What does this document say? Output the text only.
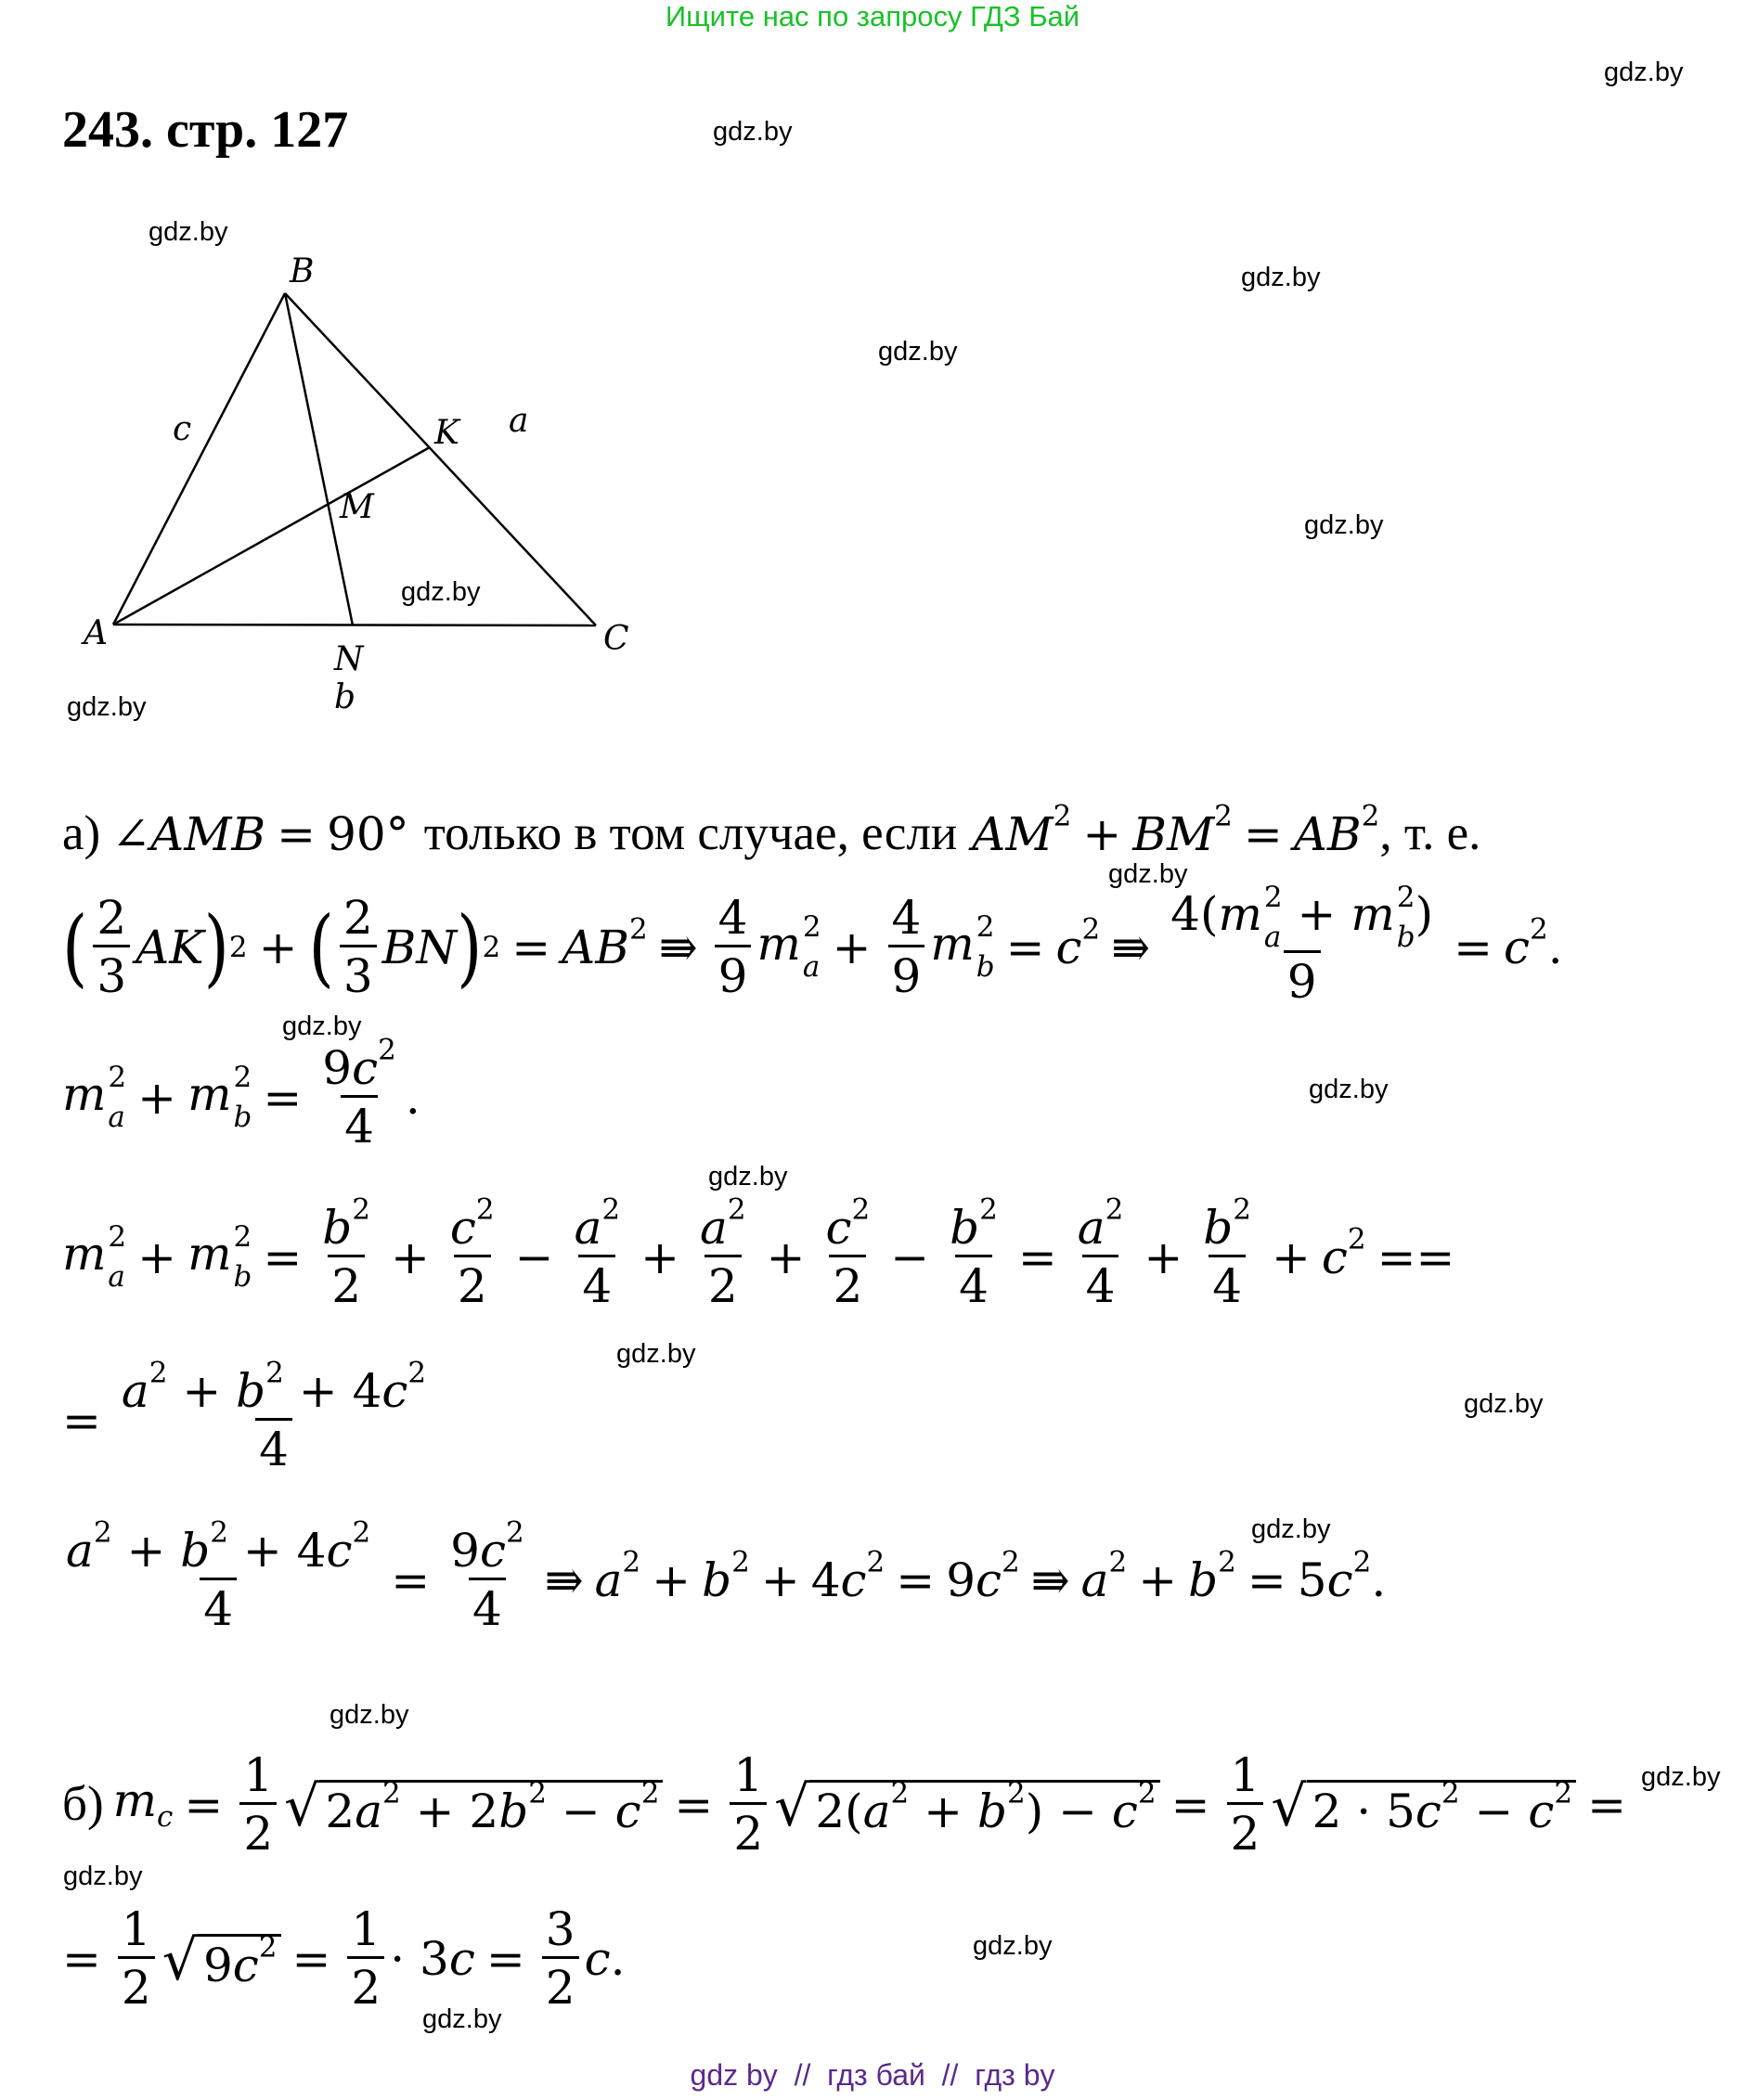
Ищите нас по запросу ГДЗ Бай
gdz.by
gdz.by
gdz.by
gdz.by
gdz.by
gdz.by
gdz.by
gdz.by
gdz.by
gdz.by
gdz.by
gdz.by
gdz.by
gdz.by
gdz.by
gdz.by
gdz.by
gdz.by
gdz.by
gdz.by
243. стр. 127
B
A	C
K
M
N
c	a
b
а) ∠AMB = 90° только в том случае, если $AM^2 + BM^2 = AB^2$ , т. е.
( $\frac{2}{3}$ AK ) 2 + ( $\frac{2}{3}$ BN ) $2 = AB^2$ ⇛ $\frac{4}{9}$ m 2
$a + \frac{4}{9}$ m 2
$b = c^2$ ⇛ 4(m 2
a + m 2
b )
$9 = c^2$.
m 2
a + m 2
$b = \frac{9c^2}{4}$ .
m 2
a + m 2
$b = \frac{b^2}{2} + \frac{c^2}{2} - \frac{a^2}{4} + \frac{a^2}{2} + \frac{c^2}{2} - \frac{b^2}{4} = \frac{a^2}{4} + \frac{b^2}{4} + c^2$ ==
= $\frac{a^2 + b^2 + 4c^2}{4}$
$\frac{a^2 + b^2 + 4c^2}{4} = \frac{9c^2}{4}$ ⇛ $a^2 + b^2 + 4c^2 = 9c^2$ ⇛ $a^2 + b^2 = 5c^2$.
б) $m_c = \frac{1}{2}$ √ $2a^2 + 2b^2 - c^2 = \frac{1}{2}$ √ $2(a^2 + b^2) - c^2 = \frac{1}{2}$ √ $2 \cdot 5c^2 - c^2$ =
= $\frac{1}{2}$ √ $9c^2 = \frac{1}{2} \cdot 3c = \frac{3}{2} c$.
gdz by  //  гдз бай  //  гдз by
